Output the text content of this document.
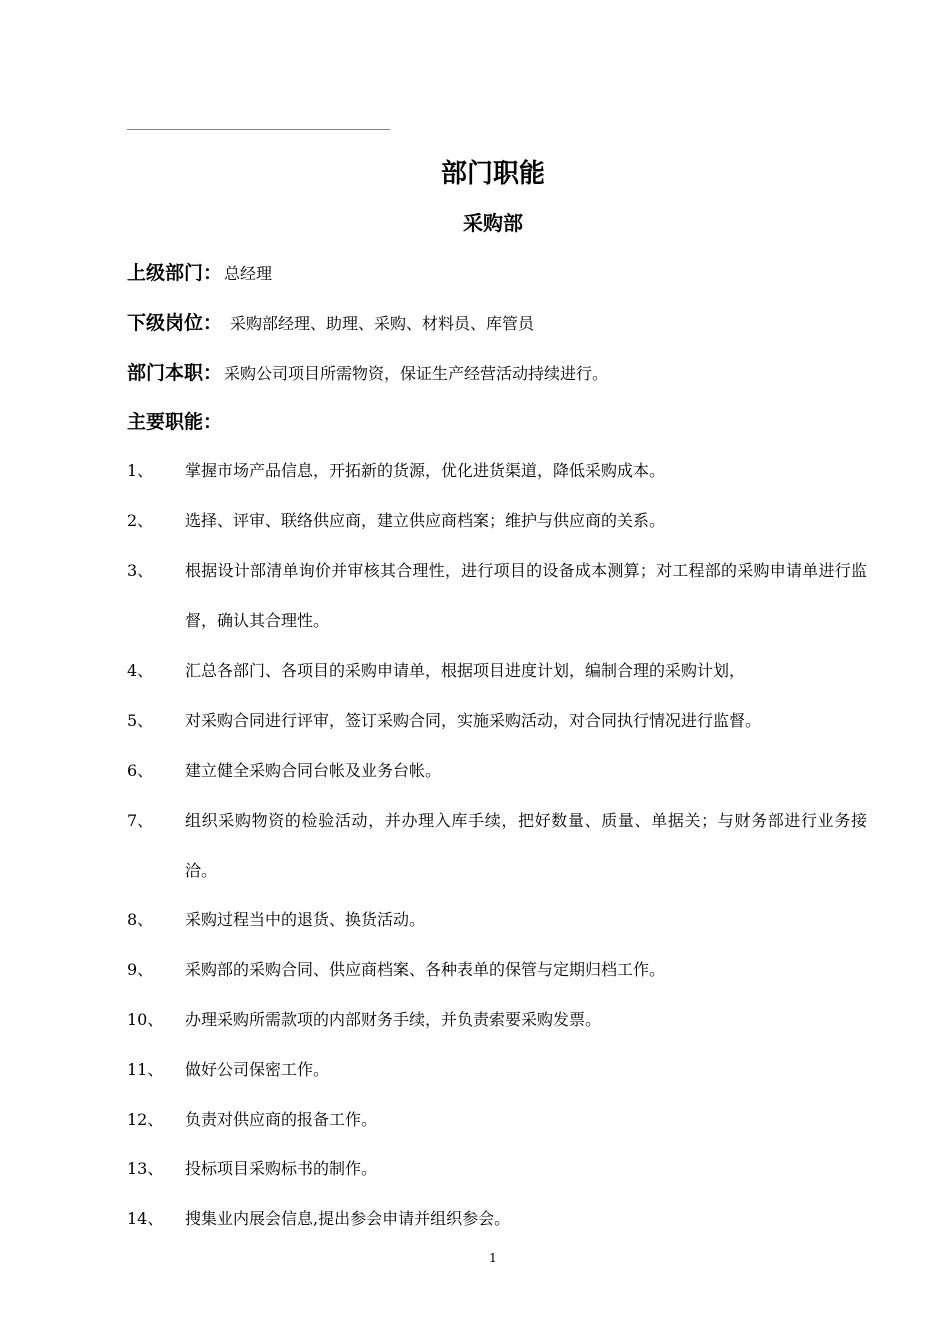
部门职能
采购部
上级部门： 总经理
下级岗位： 采购部经理、助理、采购、材料员、库管员
部门本职： 采购公司项目所需物资，保证生产经营活动持续进行。
主要职能：
1、	掌握市场产品信息，开拓新的货源，优化进货渠道，降低采购成本。
2、	选择、评审、联络供应商，建立供应商档案；维护与供应商的关系。
3、	根据设计部清单询价并审核其合理性，进行项目的设备成本测算；对工程部的采购申请单进行监督，确认其合理性。
4、	汇总各部门、各项目的采购申请单，根据项目进度计划，编制合理的采购计划，
5、	对采购合同进行评审，签订采购合同，实施采购活动，对合同执行情况进行监督。
6、	建立健全采购合同台帐及业务台帐。
7、	组织采购物资的检验活动，并办理入库手续，把好数量、质量、单据关；与财务部进行业务接洽。
8、	采购过程当中的退货、换货活动。
9、	采购部的采购合同、供应商档案、各种表单的保管与定期归档工作。
10、	办理采购所需款项的内部财务手续，并负责索要采购发票。
11、	做好公司保密工作。
12、	负责对供应商的报备工作。
13、	投标项目采购标书的制作。
14、	搜集业内展会信息,提出参会申请并组织参会。
1
